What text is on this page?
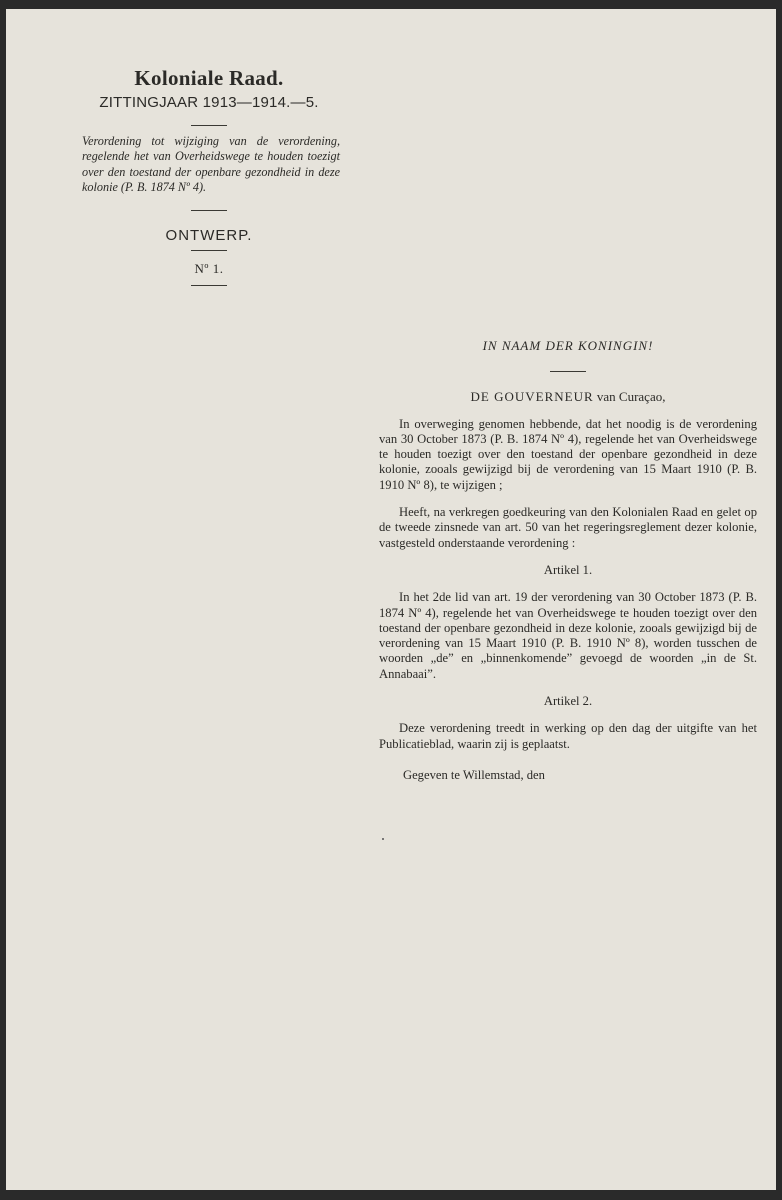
Koloniale Raad.
ZITTINGJAAR 1913—1914.—5.
Verordening tot wijziging van de verordening, regelende het van Overheidswege te houden toezigt over den toestand der openbare gezondheid in deze kolonie (P. B. 1874 Nº 4).
ONTWERP.
Nº 1.
IN NAAM DER KONINGIN!
DE GOUVERNEUR van Curaçao,

In overweging genomen hebbende, dat het noodig is de verordening van 30 October 1873 (P. B. 1874 Nº 4), regelende het van Overheidswege te houden toezigt over den toestand der openbare gezondheid in deze kolonie, zooals gewijzigd bij de verordening van 15 Maart 1910 (P. B. 1910 Nº 8), te wijzigen ;

Heeft, na verkregen goedkeuring van den Kolonialen Raad en gelet op de tweede zinsnede van art. 50 van het regeringsreglement dezer kolonie, vastgesteld onderstaande verordening :

Artikel 1.

In het 2de lid van art. 19 der verordening van 30 October 1873 (P. B. 1874 Nº 4), regelende het van Overheidswege te houden toezigt over den toestand der openbare gezondheid in deze kolonie, zooals gewijzigd bij de verordening van 15 Maart 1910 (P. B. 1910 Nº 8), worden tusschen de woorden „de” en „binnenkomende” gevoegd de woorden „in de St. Annabaai”.

Artikel 2.

Deze verordening treedt in werking op den dag der uitgifte van het Publicatieblad, waarin zij is geplaatst.

Gegeven te Willemstad, den
